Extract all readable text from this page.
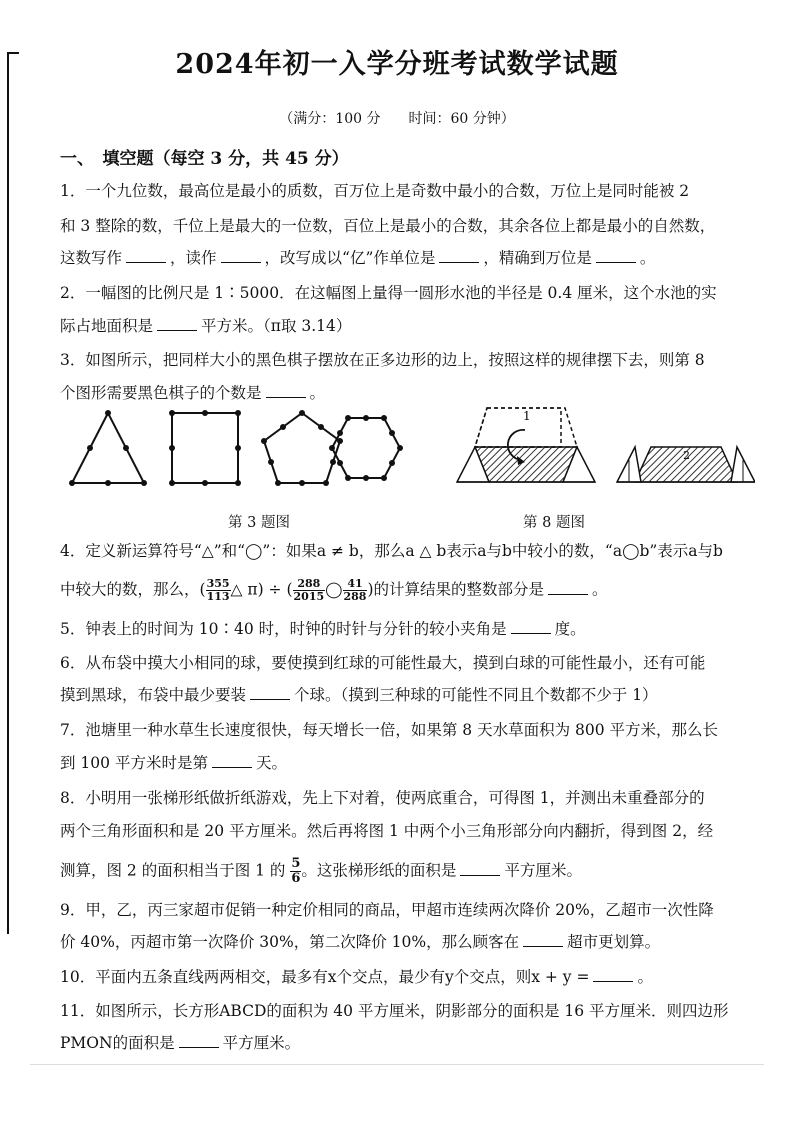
2024年初一入学分班考试数学试题
（满分：100 分　　时间：60 分钟）
一、　填空题（每空 3 分，共 45 分）
1．一个九位数，最高位是最小的质数，百万位上是奇数中最小的合数，万位上是同时能被 2
和 3 整除的数，千位上是最大的一位数，百位上是最小的合数，其余各位上都是最小的自然数，
这数写作	，读作	，改写成以“亿”作单位是	，精确到万位是	。
2．一幅图的比例尺是 1∶5000．在这幅图上量得一圆形水池的半径是 0.4 厘米，这个水池的实
际占地面积是	平方米。（π取 3.14）
3．如图所示，把同样大小的黑色棋子摆放在正多边形的边上，按照这样的规律摆下去，则第 8
个图形需要黑色棋子的个数是	。
1
2
第 3 题图	第 8 题图
4．定义新运算符号“△”和“◯”：如果a ≠ b，那么a △ b表示a与b中较小的数，“a◯b”表示a与b
中较大的数，那么，( $\frac{355}{113}$ △ π) ÷ ( $\frac{288}{2015}$ ◯ $\frac{41}{288}$ )的计算结果的整数部分是	。
5．钟表上的时间为 10∶40 时，时钟的时针与分针的较小夹角是	度。
6．从布袋中摸大小相同的球，要使摸到红球的可能性最大，摸到白球的可能性最小，还有可能
摸到黑球，布袋中最少要装	个球。（摸到三种球的可能性不同且个数都不少于 1）
7．池塘里一种水草生长速度很快，每天增长一倍，如果第 8 天水草面积为 800 平方米，那么长
到 100 平方米时是第	天。
8．小明用一张梯形纸做折纸游戏，先上下对着，使两底重合，可得图 1，并测出未重叠部分的
两个三角形面积和是 20 平方厘米。然后再将图 1 中两个小三角形部分向内翻折，得到图 2，经
测算，图 2 的面积相当于图 1 的 $\frac{5}{6}$ 。这张梯形纸的面积是	平方厘米。
9．甲，乙，丙三家超市促销一种定价相同的商品，甲超市连续两次降价 20%，乙超市一次性降
价 40%，丙超市第一次降价 30%，第二次降价 10%，那么顾客在	超市更划算。
10．平面内五条直线两两相交，最多有x个交点，最少有y个交点，则x + y =	。
11．如图所示，长方形ABCD的面积为 40 平方厘米，阴影部分的面积是 16 平方厘米．则四边形
PMON的面积是	平方厘米。
